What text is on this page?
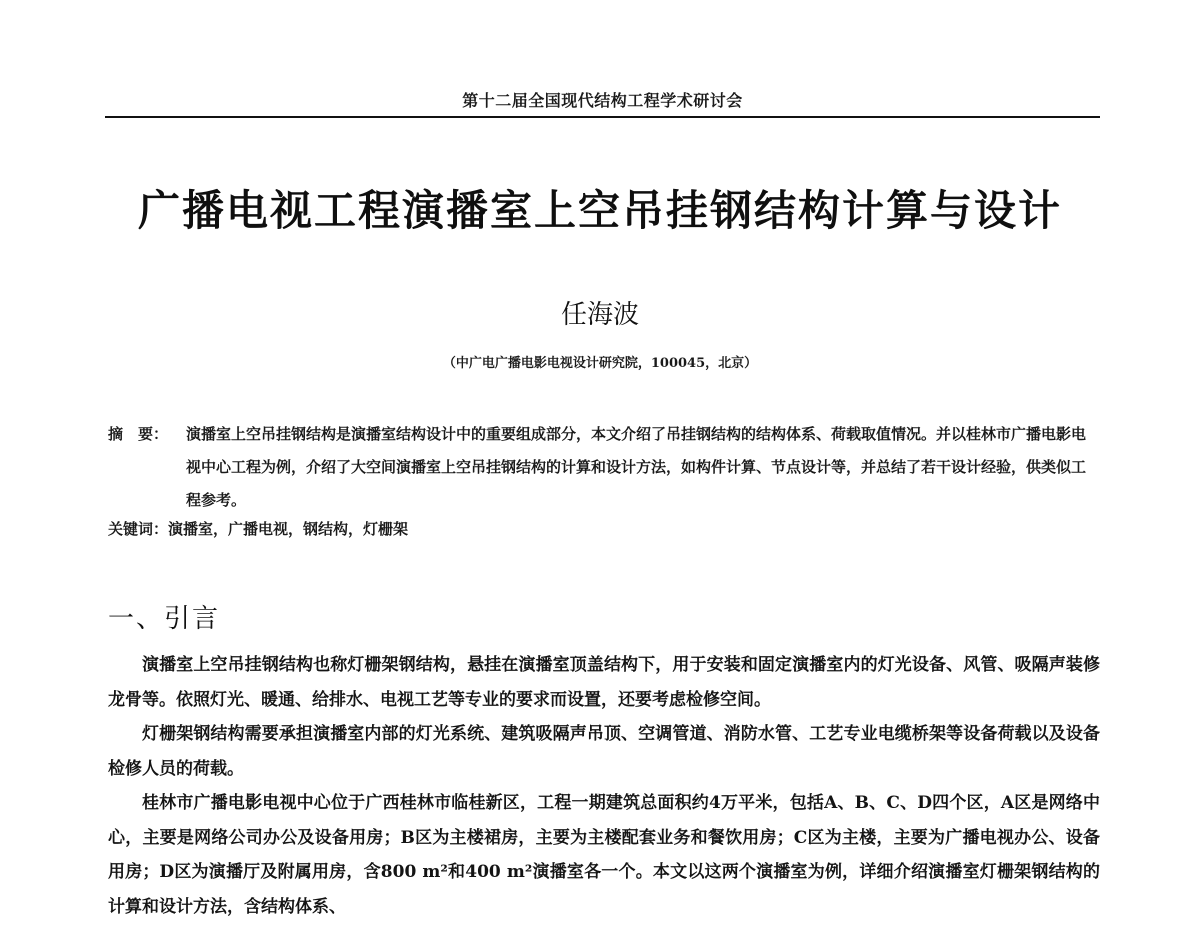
第十二届全国现代结构工程学术研讨会
广播电视工程演播室上空吊挂钢结构计算与设计
任海波
（中广电广播电影电视设计研究院，100045，北京）
摘　要：	演播室上空吊挂钢结构是演播室结构设计中的重要组成部分，本文介绍了吊挂钢结构的结构体系、荷载取值情况。并以桂林市广播电影电视中心工程为例，介绍了大空间演播室上空吊挂钢结构的计算和设计方法，如构件计算、节点设计等，并总结了若干设计经验，供类似工程参考。
关键词：演播室，广播电视，钢结构，灯栅架
一、引言

演播室上空吊挂钢结构也称灯栅架钢结构，悬挂在演播室顶盖结构下，用于安装和固定演播室内的灯光设备、风管、吸隔声装修龙骨等。依照灯光、暖通、给排水、电视工艺等专业的要求而设置，还要考虑检修空间。

灯栅架钢结构需要承担演播室内部的灯光系统、建筑吸隔声吊顶、空调管道、消防水管、工艺专业电缆桥架等设备荷载以及设备检修人员的荷载。

桂林市广播电影电视中心位于广西桂林市临桂新区，工程一期建筑总面积约4万平米，包括A、B、C、D四个区，A区是网络中心，主要是网络公司办公及设备用房；B区为主楼裙房，主要为主楼配套业务和餐饮用房；C区为主楼，主要为广播电视办公、设备用房；D区为演播厅及附属用房，含800 m²和400 m²演播室各一个。本文以这两个演播室为例，详细介绍演播室灯栅架钢结构的计算和设计方法，含结构体系、
